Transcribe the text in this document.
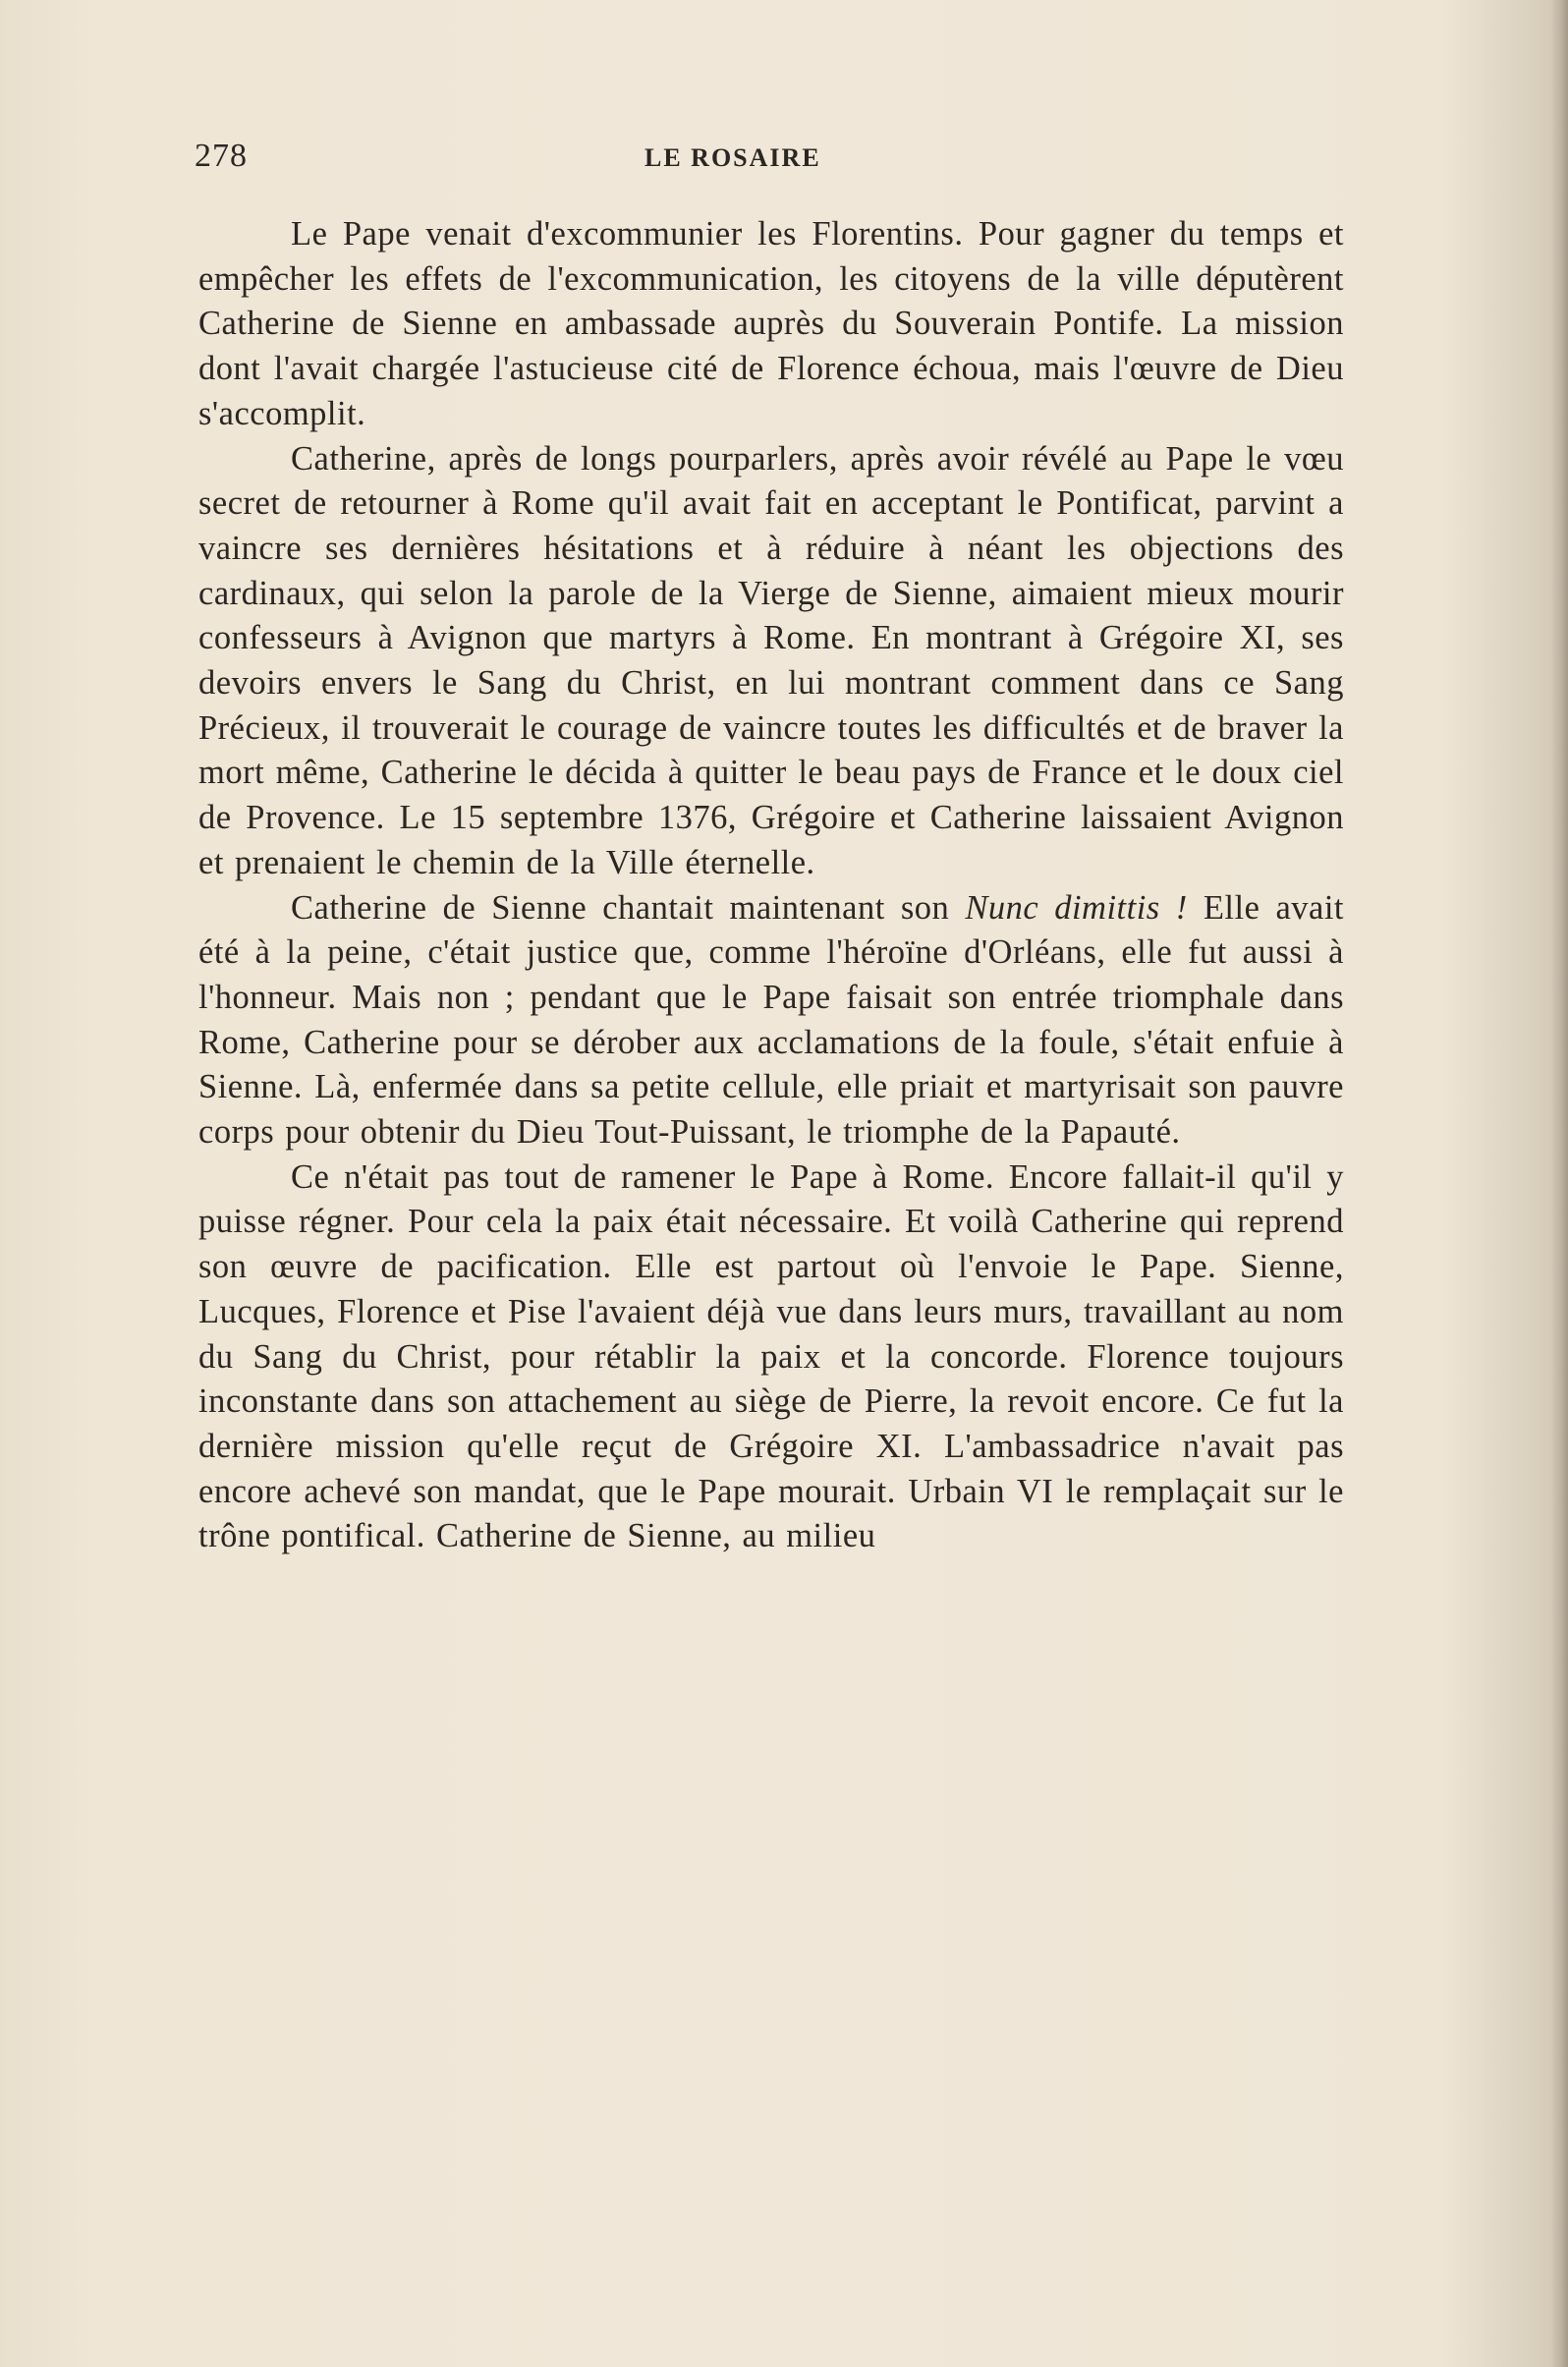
278	LE ROSAIRE

Le Pape venait d'excommunier les Florentins. Pour gagner du temps et empêcher les effets de l'excommunication, les citoyens de la ville députèrent Catherine de Sienne en ambassade auprès du Souverain Pontife. La mission dont l'avait chargée l'astucieuse cité de Florence échoua, mais l'œuvre de Dieu s'accomplit.

Catherine, après de longs pourparlers, après avoir révélé au Pape le vœu secret de retourner à Rome qu'il avait fait en acceptant le Pontificat, parvint a vaincre ses dernières hésitations et à réduire à néant les objections des cardinaux, qui selon la parole de la Vierge de Sienne, aimaient mieux mourir confesseurs à Avignon que martyrs à Rome. En montrant à Grégoire XI, ses devoirs envers le Sang du Christ, en lui montrant comment dans ce Sang Précieux, il trouverait le courage de vaincre toutes les difficultés et de braver la mort même, Catherine le décida à quitter le beau pays de France et le doux ciel de Provence. Le 15 septembre 1376, Grégoire et Catherine laissaient Avignon et prenaient le chemin de la Ville éternelle.

Catherine de Sienne chantait maintenant son Nunc dimittis ! Elle avait été à la peine, c'était justice que, comme l'héroïne d'Orléans, elle fut aussi à l'honneur. Mais non ; pendant que le Pape faisait son entrée triomphale dans Rome, Catherine pour se dérober aux acclamations de la foule, s'était enfuie à Sienne. Là, enfermée dans sa petite cellule, elle priait et martyrisait son pauvre corps pour obtenir du Dieu Tout-Puissant, le triomphe de la Papauté.

Ce n'était pas tout de ramener le Pape à Rome. Encore fallait-il qu'il y puisse régner. Pour cela la paix était nécessaire. Et voilà Catherine qui reprend son œuvre de pacification. Elle est partout où l'envoie le Pape. Sienne, Lucques, Florence et Pise l'avaient déjà vue dans leurs murs, travaillant au nom du Sang du Christ, pour rétablir la paix et la concorde. Florence toujours inconstante dans son attachement au siège de Pierre, la revoit encore. Ce fut la dernière mission qu'elle reçut de Grégoire XI. L'ambassadrice n'avait pas encore achevé son mandat, que le Pape mourait. Urbain VI le remplaçait sur le trône pontifical. Catherine de Sienne, au milieu
